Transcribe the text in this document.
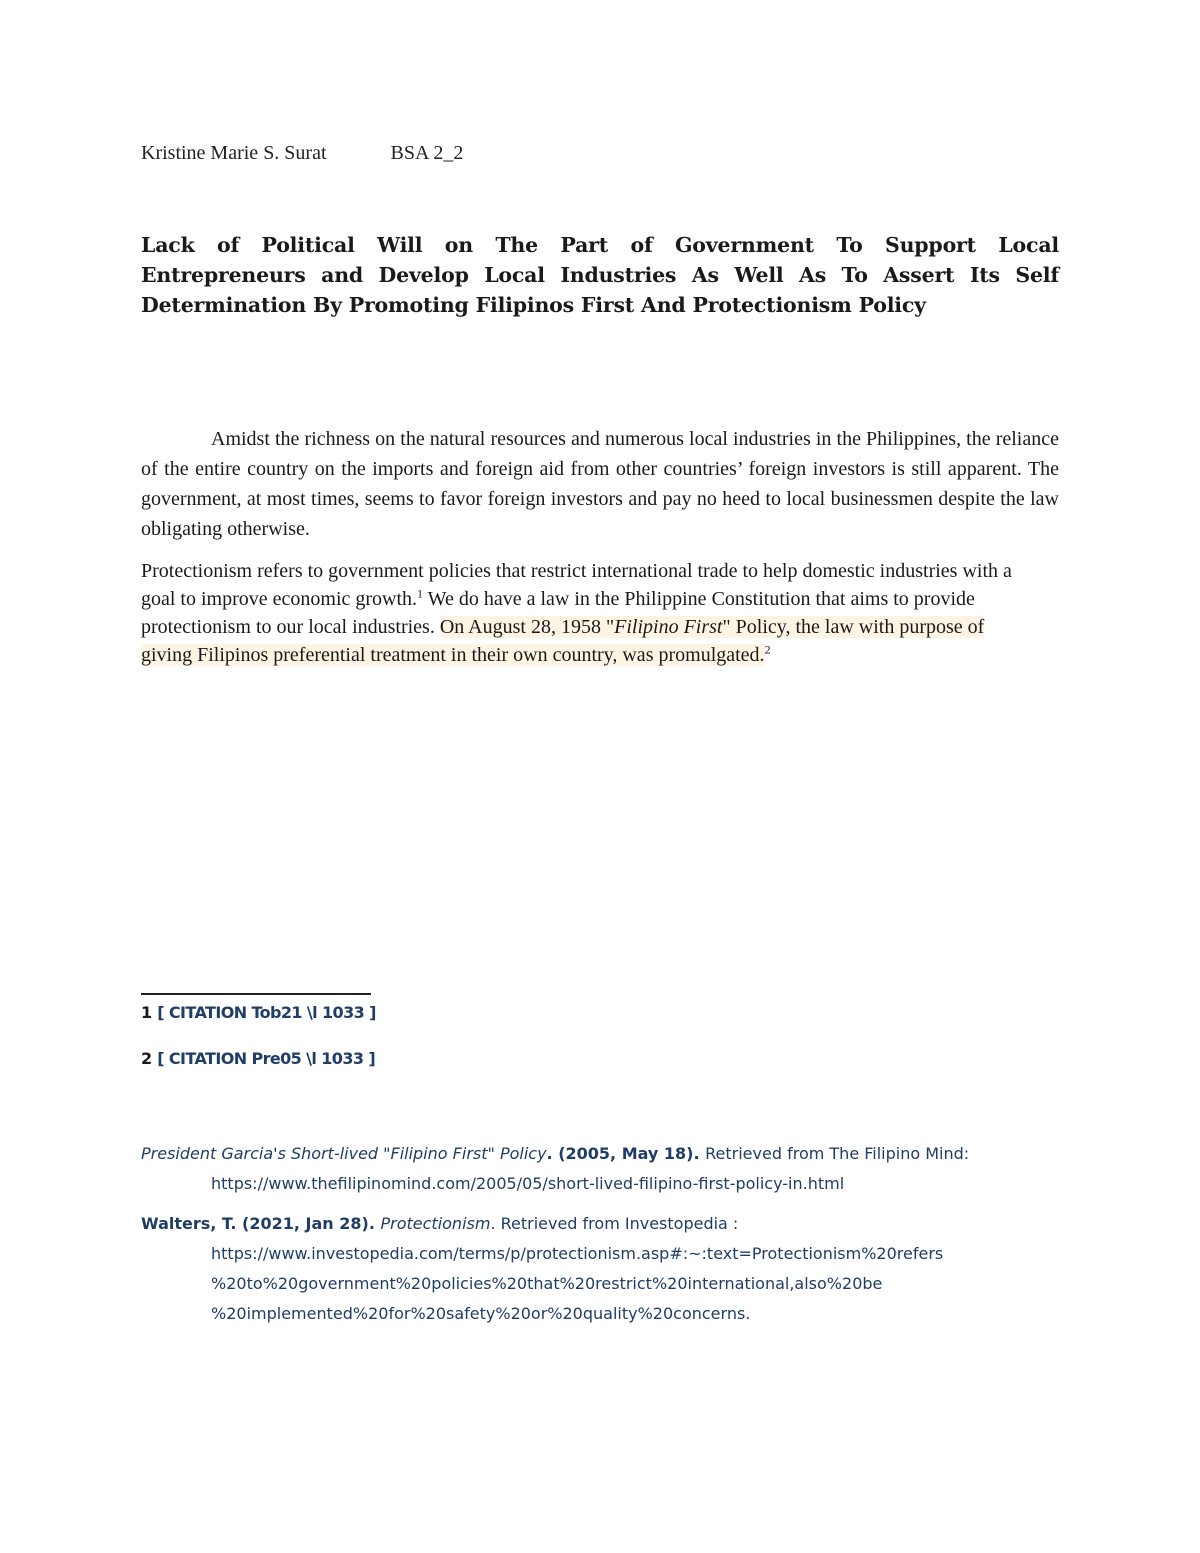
Kristine Marie S. Surat	BSA 2_2
Lack of Political Will on The Part of Government To Support Local Entrepreneurs and Develop Local Industries As Well As To Assert Its Self Determination By Promoting Filipinos First And Protectionism Policy
Amidst the richness on the natural resources and numerous local industries in the Philippines, the reliance of the entire country on the imports and foreign aid from other countries’ foreign investors is still apparent. The government, at most times, seems to favor foreign investors and pay no heed to local businessmen despite the law obligating otherwise.
Protectionism refers to government policies that restrict international trade to help domestic industries with a goal to improve economic growth.$^1$ We do have a law in the Philippine Constitution that aims to provide protectionism to our local industries. On August 28, 1958 "Filipino First" Policy, the law with purpose of giving Filipinos preferential treatment in their own country, was promulgated.$^2$
1 [ CITATION Tob21 \l 1033 ]
2 [ CITATION Pre05 \l 1033 ]
President Garcia's Short-lived "Filipino First" Policy. (2005, May 18). Retrieved from The Filipino Mind:
https://www.thefilipinomind.com/2005/05/short-lived-filipino-first-policy-in.html
Walters, T. (2021, Jan 28). Protectionism. Retrieved from Investopedia :
https://www.investopedia.com/terms/p/protectionism.asp#:~:text=Protectionism%20refers
%20to%20government%20policies%20that%20restrict%20international,also%20be
%20implemented%20for%20safety%20or%20quality%20concerns.
